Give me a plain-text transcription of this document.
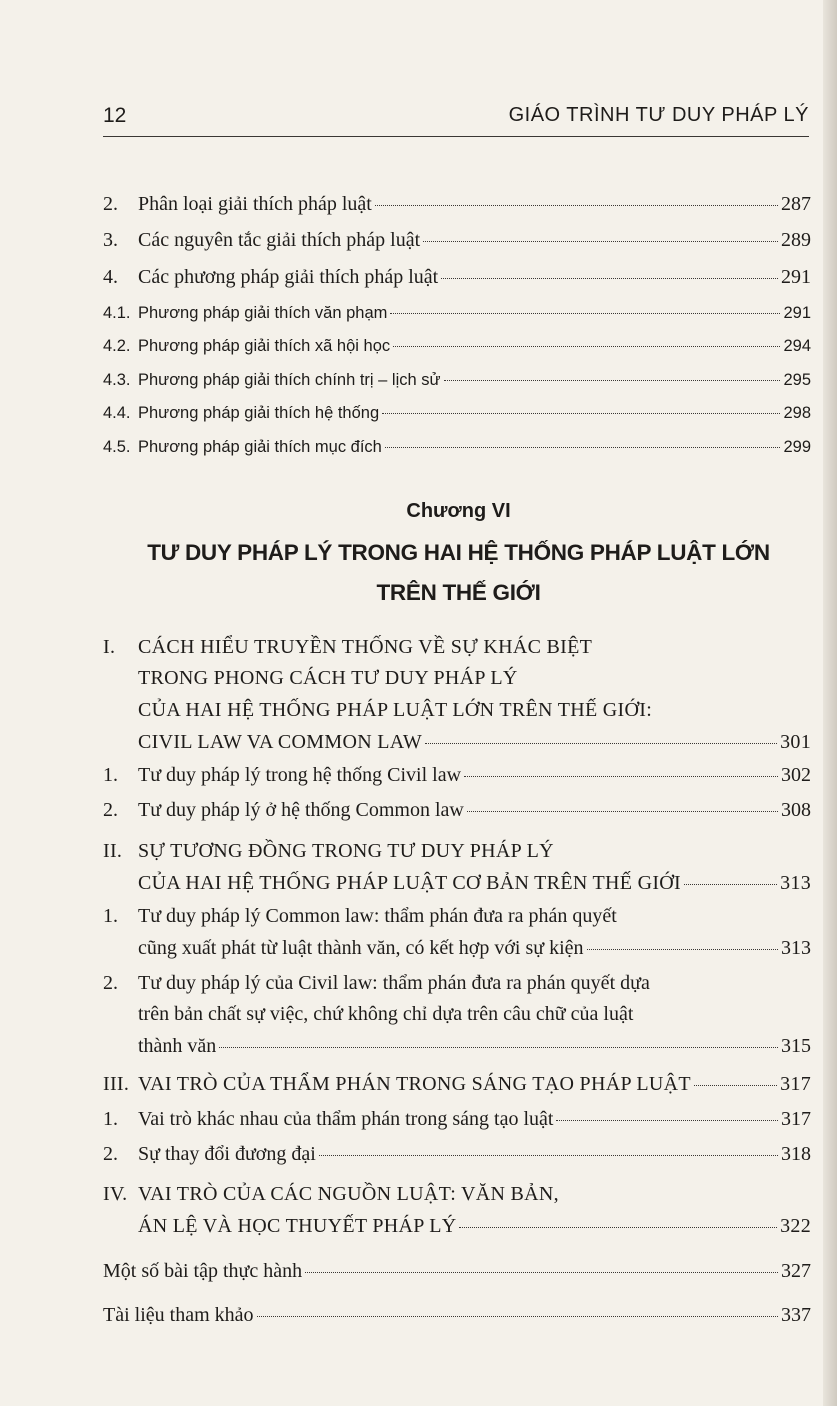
12	GIÁO TRÌNH TƯ DUY PHÁP LÝ
2.	Phân loại giải thích pháp luật	287
3.	Các nguyên tắc giải thích pháp luật	289
4.	Các phương pháp giải thích pháp luật	291
4.1. Phương pháp giải thích văn phạm	291
4.2. Phương pháp giải thích xã hội học	294
4.3. Phương pháp giải thích chính trị – lịch sử	295
4.4. Phương pháp giải thích hệ thống	298
4.5. Phương pháp giải thích mục đích	299
Chương VI
TƯ DUY PHÁP LÝ TRONG HAI HỆ THỐNG PHÁP LUẬT LỚN
TRÊN THẾ GIỚI
I.	CÁCH HIỂU TRUYỀN THỐNG VỀ SỰ KHÁC BIỆT
TRONG PHONG CÁCH TƯ DUY PHÁP LÝ
CỦA HAI HỆ THỐNG PHÁP LUẬT LỚN TRÊN THẾ GIỚI:
CIVIL LAW VA COMMON LAW	301
1.	Tư duy pháp lý trong hệ thống Civil law	302
2.	Tư duy pháp lý ở hệ thống Common law	308
II. SỰ TƯƠNG ĐỒNG TRONG TƯ DUY PHÁP LÝ
CỦA HAI HỆ THỐNG PHÁP LUẬT CƠ BẢN TRÊN THẾ GIỚI	313
1.	Tư duy pháp lý Common law: thẩm phán đưa ra phán quyết
cũng xuất phát từ luật thành văn, có kết hợp với sự kiện	313
2.	Tư duy pháp lý của Civil law: thẩm phán đưa ra phán quyết dựa
trên bản chất sự việc, chứ không chỉ dựa trên câu chữ của luật
thành văn	315
III. VAI TRÒ CỦA THẨM PHÁN TRONG SÁNG TẠO PHÁP LUẬT	317
1.	Vai trò khác nhau của thẩm phán trong sáng tạo luật	317
2.	Sự thay đổi đương đại	318
IV. VAI TRÒ CỦA CÁC NGUỒN LUẬT: VĂN BẢN,
ÁN LỆ VÀ HỌC THUYẾT PHÁP LÝ	322
Một số bài tập thực hành	327
Tài liệu tham khảo	337
